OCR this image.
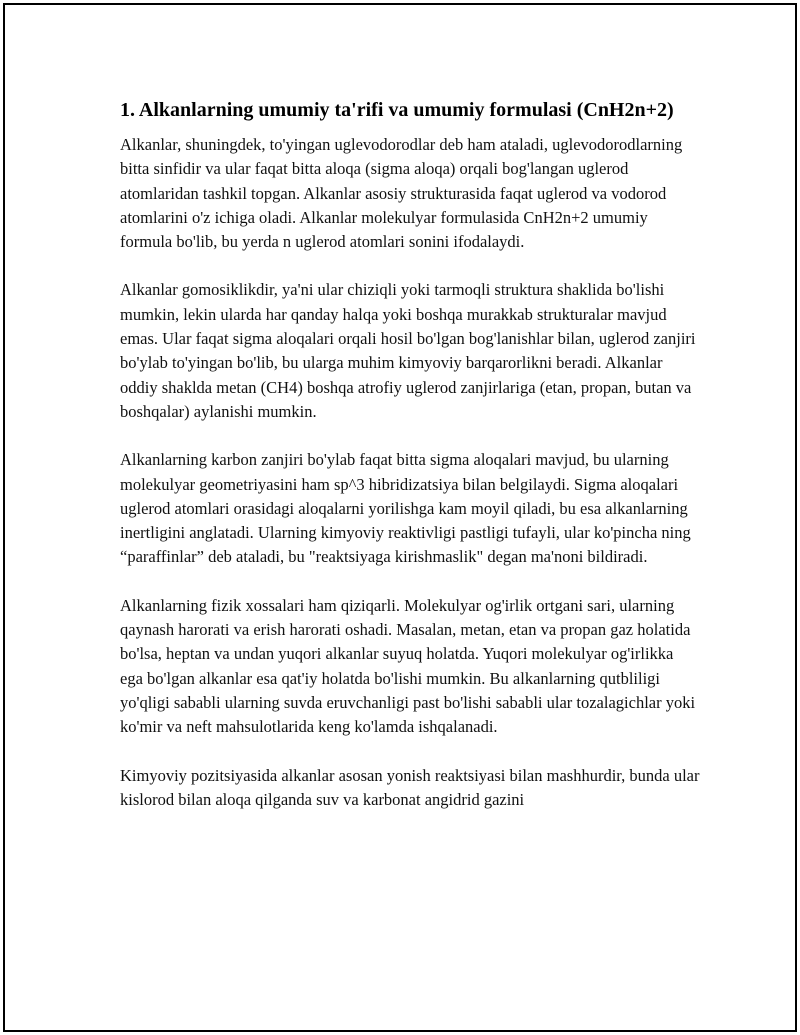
1. Alkanlarning umumiy ta'rifi va umumiy formulasi (CnH2n+2)

Alkanlar, shuningdek, to'yingan uglevodorodlar deb ham ataladi, uglevodorodlarning bitta sinfidir va ular faqat bitta aloqa (sigma aloqa) orqali bog'langan uglerod atomlaridan tashkil topgan. Alkanlar asosiy strukturasida faqat uglerod va vodorod atomlarini o'z ichiga oladi. Alkanlar molekulyar formulasida CnH2n+2 umumiy formula bo'lib, bu yerda n uglerod atomlari sonini ifodalaydi.

Alkanlar gomosiklikdir, ya'ni ular chiziqli yoki tarmoqli struktura shaklida bo'lishi mumkin, lekin ularda har qanday halqa yoki boshqa murakkab strukturalar mavjud emas. Ular faqat sigma aloqalari orqali hosil bo'lgan bog'lanishlar bilan, uglerod zanjiri bo'ylab to'yingan bo'lib, bu ularga muhim kimyoviy barqarorlikni beradi. Alkanlar oddiy shaklda metan (CH4) boshqa atrofiy uglerod zanjirlariga (etan, propan, butan va boshqalar) aylanishi mumkin.

Alkanlarning karbon zanjiri bo'ylab faqat bitta sigma aloqalari mavjud, bu ularning molekulyar geometriyasini ham sp^3 hibridizatsiya bilan belgilaydi. Sigma aloqalari uglerod atomlari orasidagi aloqalarni yorilishga kam moyil qiladi, bu esa alkanlarning inertligini anglatadi. Ularning kimyoviy reaktivligi pastligi tufayli, ular ko'pincha ning “paraffinlar” deb ataladi, bu "reaktsiyaga kirishmaslik" degan ma'noni bildiradi.

Alkanlarning fizik xossalari ham qiziqarli. Molekulyar og'irlik ortgani sari, ularning qaynash harorati va erish harorati oshadi. Masalan, metan, etan va propan gaz holatida bo'lsa, heptan va undan yuqori alkanlar suyuq holatda. Yuqori molekulyar og'irlikka ega bo'lgan alkanlar esa qat'iy holatda bo'lishi mumkin. Bu alkanlarning qutbliligi yo'qligi sababli ularning suvda eruvchanligi past bo'lishi sababli ular tozalagichlar yoki ko'mir va neft mahsulotlarida keng ko'lamda ishqalanadi.

Kimyoviy pozitsiyasida alkanlar asosan yonish reaktsiyasi bilan mashhurdir, bunda ular kislorod bilan aloqa qilganda suv va karbonat angidrid gazini
